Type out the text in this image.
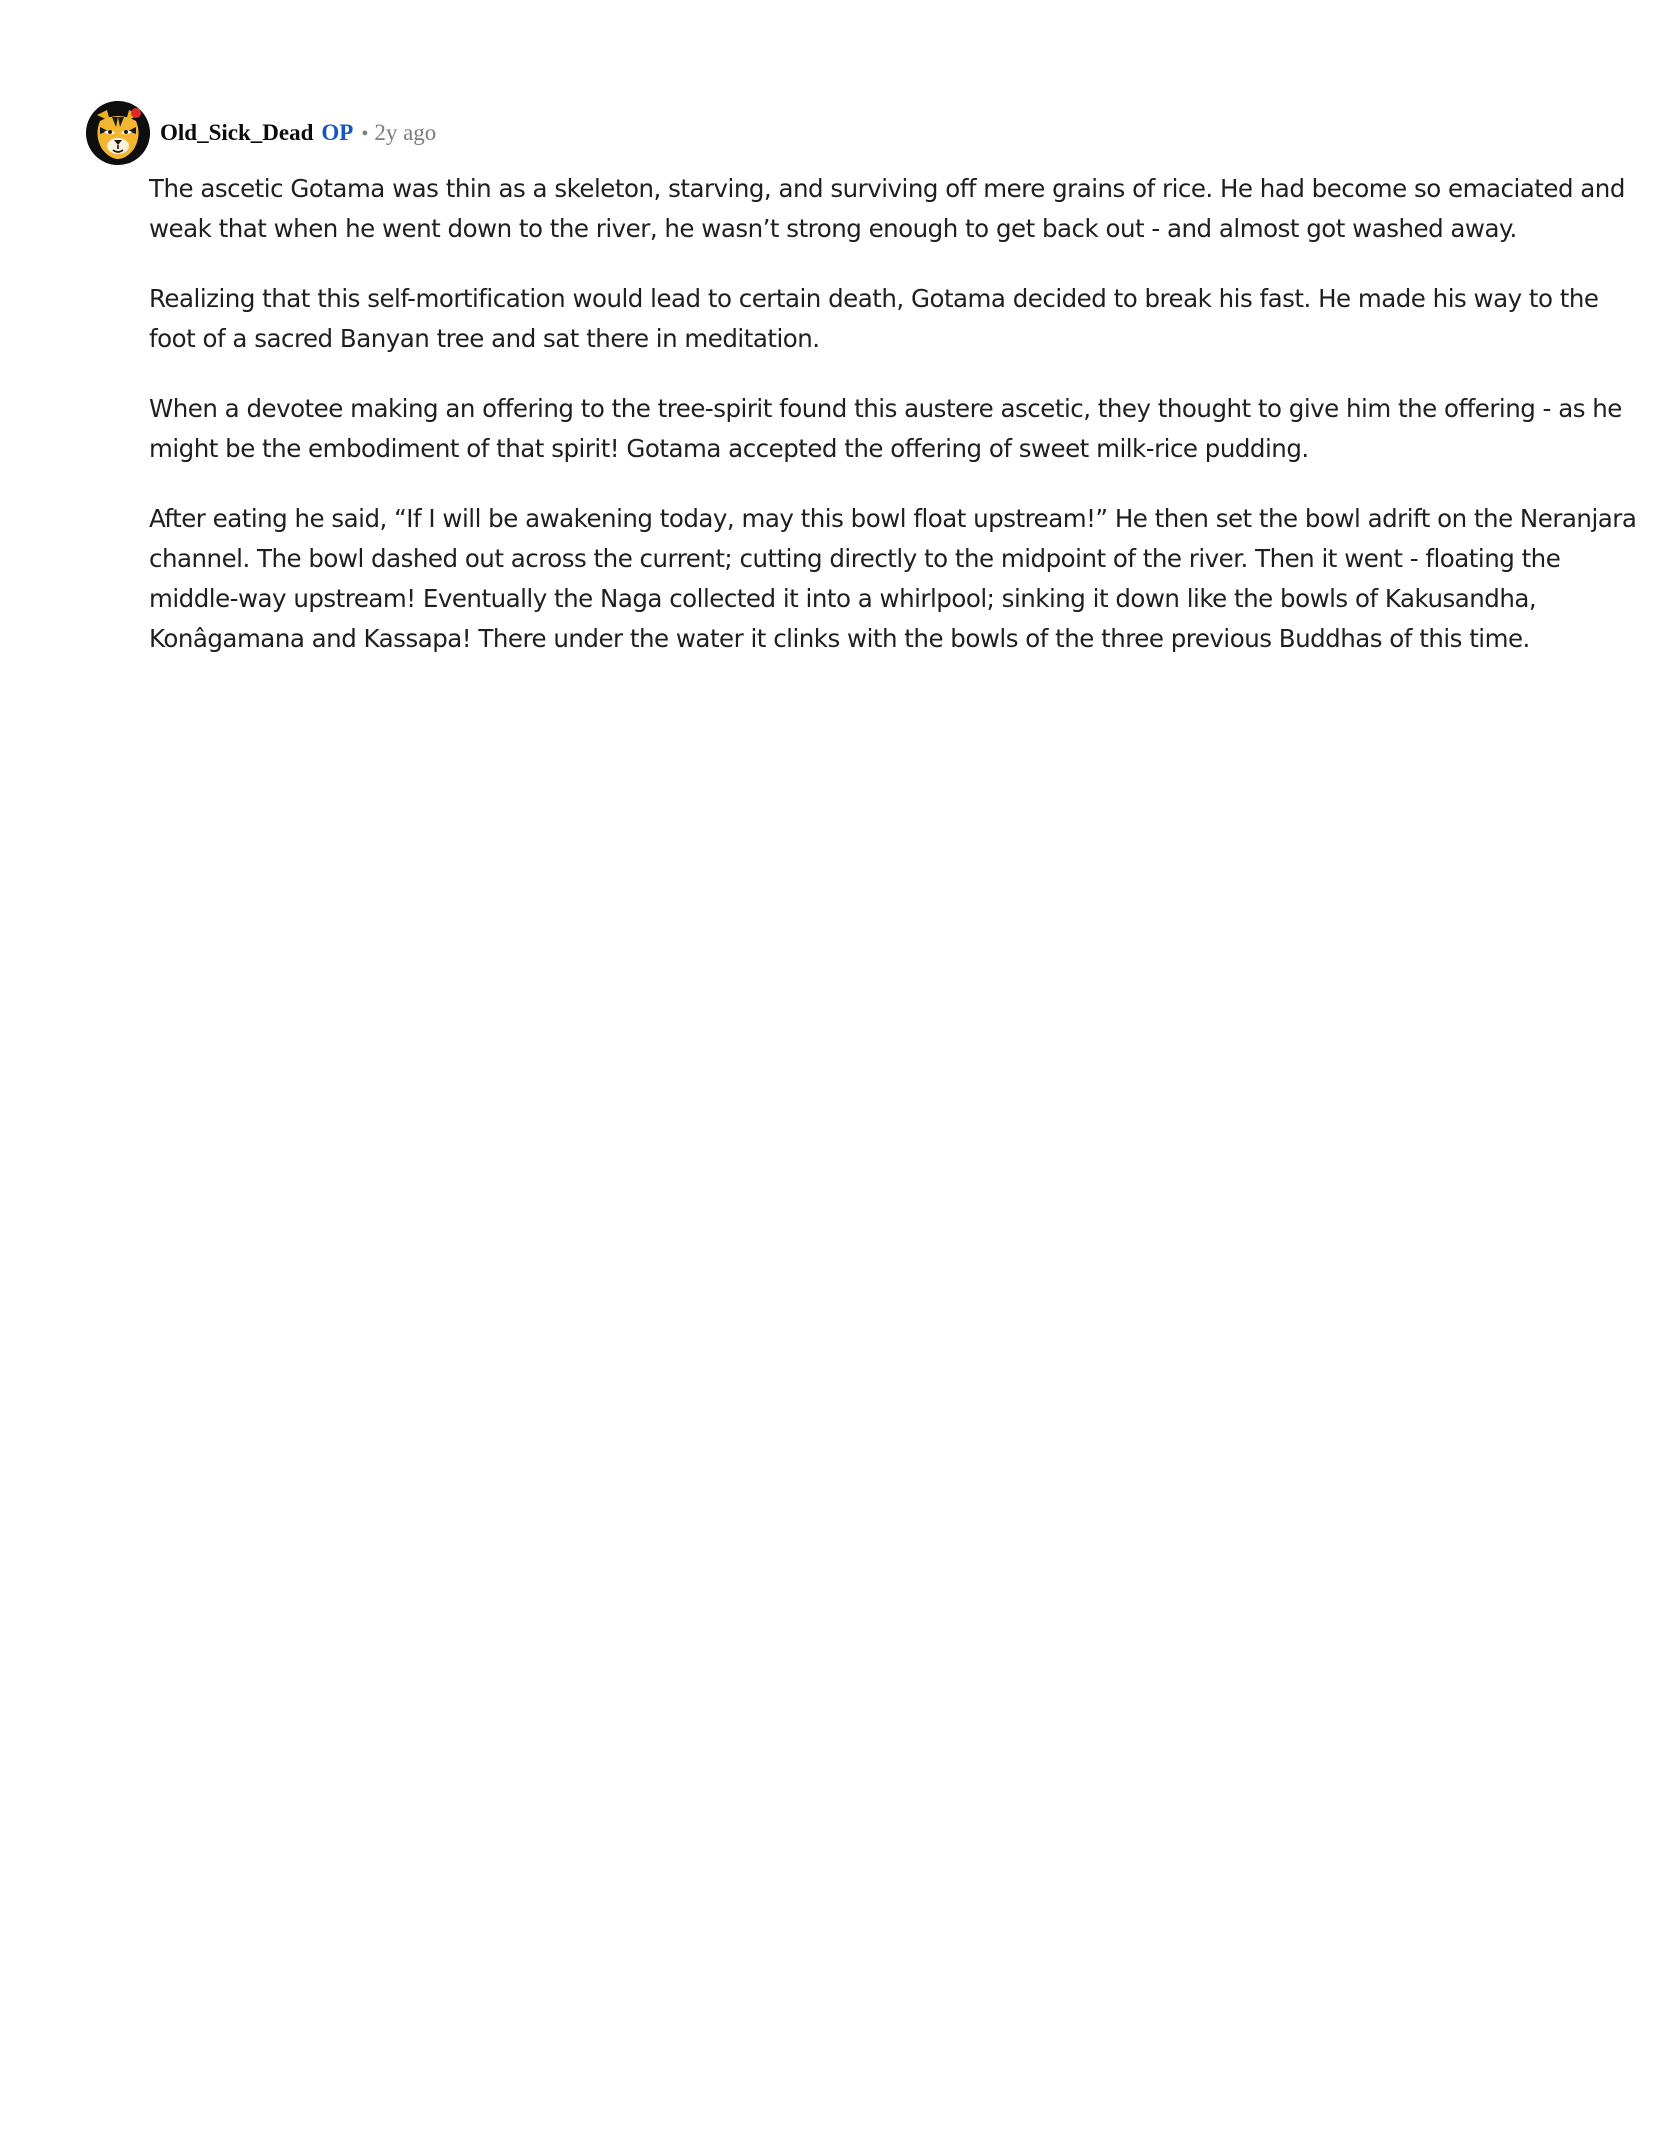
Old_Sick_Dead OP • 2y ago

The ascetic Gotama was thin as a skeleton, starving, and surviving off mere grains of rice. He had become so emaciated and weak that when he went down to the river, he wasn’t strong enough to get back out - and almost got washed away.

Realizing that this self-mortification would lead to certain death, Gotama decided to break his fast. He made his way to the foot of a sacred Banyan tree and sat there in meditation.

When a devotee making an offering to the tree-spirit found this austere ascetic, they thought to give him the offering - as he might be the embodiment of that spirit! Gotama accepted the offering of sweet milk-rice pudding.

After eating he said, “If I will be awakening today, may this bowl float upstream!” He then set the bowl adrift on the Neranjara channel. The bowl dashed out across the current; cutting directly to the midpoint of the river. Then it went - floating the middle-way upstream! Eventually the Naga collected it into a whirlpool; sinking it down like the bowls of Kakusandha, Konâgamana and Kassapa! There under the water it clinks with the bowls of the three previous Buddhas of this time.
